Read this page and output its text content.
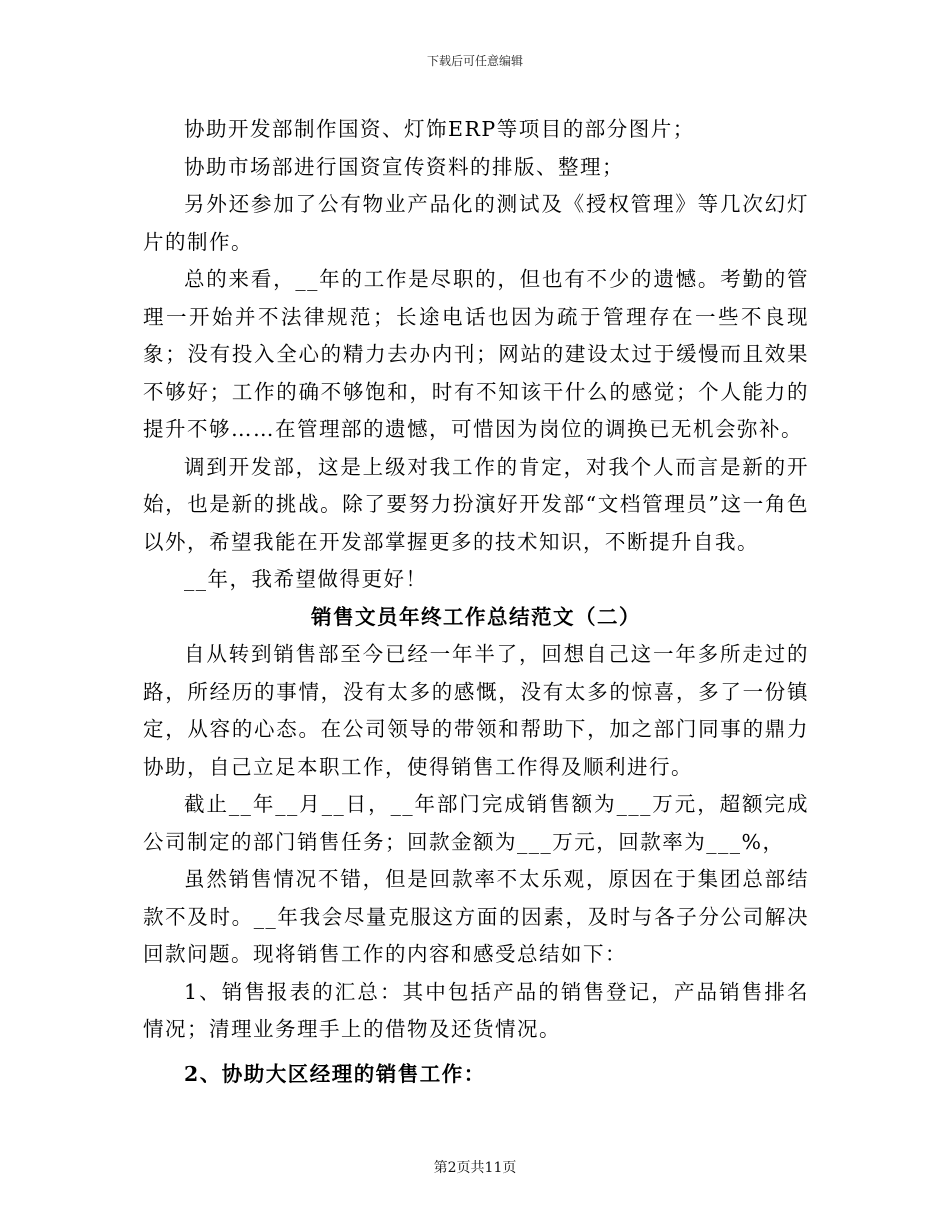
下载后可任意编辑

协助开发部制作国资、灯饰ERP等项目的部分图片；

协助市场部进行国资宣传资料的排版、整理；

另外还参加了公有物业产品化的测试及《授权管理》等几次幻灯片的制作。

总的来看，__年的工作是尽职的，但也有不少的遗憾。考勤的管理一开始并不法律规范；长途电话也因为疏于管理存在一些不良现象；没有投入全心的精力去办内刊；网站的建设太过于缓慢而且效果不够好；工作的确不够饱和，时有不知该干什么的感觉；个人能力的提升不够……在管理部的遗憾，可惜因为岗位的调换已无机会弥补。

调到开发部，这是上级对我工作的肯定，对我个人而言是新的开始，也是新的挑战。除了要努力扮演好开发部“文档管理员”这一角色以外，希望我能在开发部掌握更多的技术知识，不断提升自我。

__年，我希望做得更好！

销售文员年终工作总结范文（二）

自从转到销售部至今已经一年半了，回想自己这一年多所走过的路，所经历的事情，没有太多的感慨，没有太多的惊喜，多了一份镇定，从容的心态。在公司领导的带领和帮助下，加之部门同事的鼎力协助，自己立足本职工作，使得销售工作得及顺利进行。

截止__年__月__日，__年部门完成销售额为___万元，超额完成公司制定的部门销售任务；回款金额为___万元，回款率为___%，

虽然销售情况不错，但是回款率不太乐观，原因在于集团总部结款不及时。__年我会尽量克服这方面的因素，及时与各子分公司解决回款问题。现将销售工作的内容和感受总结如下：

1、销售报表的汇总：其中包括产品的销售登记，产品销售排名情况；清理业务理手上的借物及还货情况。

2、协助大区经理的销售工作：

第2页共11页
